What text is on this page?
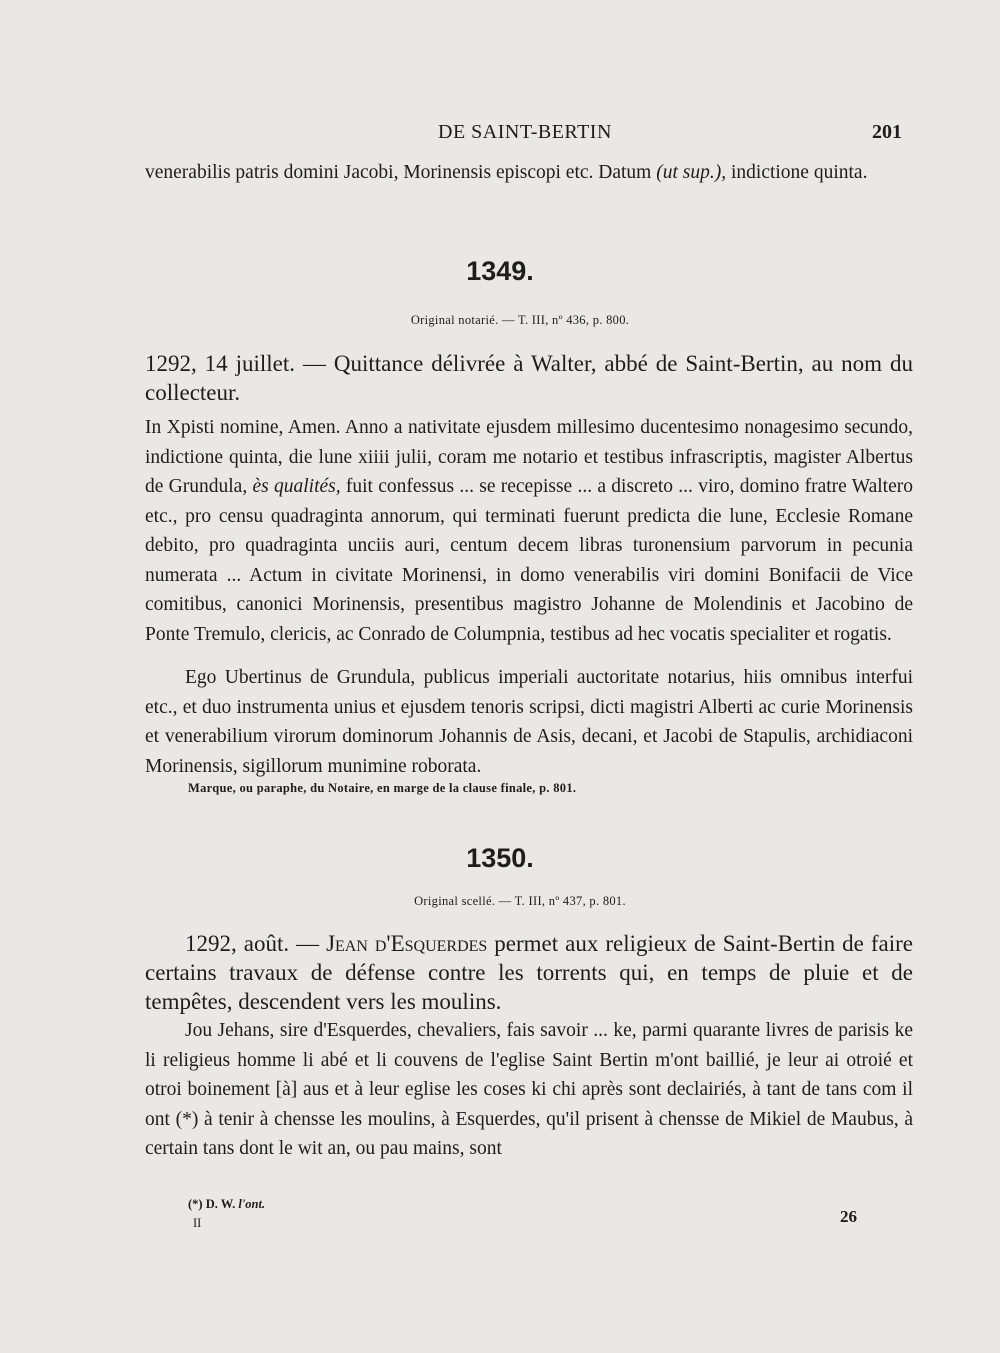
DE SAINT-BERTIN	201

venerabilis patris domini Jacobi, Morinensis episcopi etc. Datum (ut sup.), indictione quinta.

1349.
Original notarié. — T. III, nº 436, p. 800.

1292, 14 juillet. — Quittance délivrée à Walter, abbé de Saint-Bertin, au nom du collecteur.

In Xpisti nomine, Amen. Anno a nativitate ejusdem millesimo ducentesimo nonagesimo secundo, indictione quinta, die lune xiiii julii, coram me notario et testibus infrascriptis, magister Albertus de Grundula, ès qualités, fuit confessus ... se recepisse ... a discreto ... viro, domino fratre Waltero etc., pro censu quadraginta annorum, qui terminati fuerunt predicta die lune, Ecclesie Romane debito, pro quadraginta unciis auri, centum decem libras turonensium parvorum in pecunia numerata ... Actum in civitate Morinensi, in domo venerabilis viri domini Bonifacii de Vice comitibus, canonici Morinensis, presentibus magistro Johanne de Molendinis et Jacobino de Ponte Tremulo, clericis, ac Conrado de Columpnia, testibus ad hec vocatis specialiter et rogatis.

Ego Ubertinus de Grundula, publicus imperiali auctoritate notarius, hiis omnibus interfui etc., et duo instrumenta unius et ejusdem tenoris scripsi, dicti magistri Alberti ac curie Morinensis et venerabilium virorum dominorum Johannis de Asis, decani, et Jacobi de Stapulis, archidiaconi Morinensis, sigillorum munimine roborata.

Marque, ou paraphe, du Notaire, en marge de la clause finale, p. 801.
1350.
Original scellé. — T. III, nº 437, p. 801.

1292, août. — Jean d'Esquerdes permet aux religieux de Saint-Bertin de faire certains travaux de défense contre les torrents qui, en temps de pluie et de tempêtes, descendent vers les moulins.

Jou Jehans, sire d'Esquerdes, chevaliers, fais savoir ... ke, parmi quarante livres de parisis ke li religieus homme li abé et li couvens de l'eglise Saint Bertin m'ont baillié, je leur ai otroié et otroi boinement [à] aus et à leur eglise les coses ki chi après sont declairiés, à tant de tans com il ont (*) à tenir à chensse les moulins, à Esquerdes, qu'il prisent à chensse de Mikiel de Maubus, à certain tans dont le wit an, ou pau mains, sont

(*) D. W. l'ont.
II	26
